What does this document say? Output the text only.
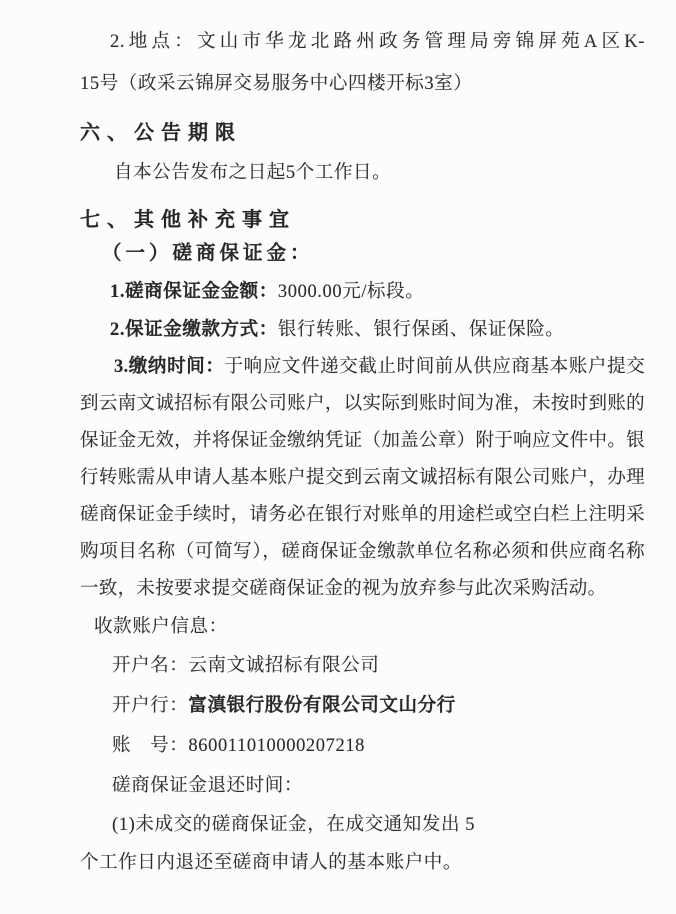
2.地点：文山市华龙北路州政务管理局旁锦屏苑A区K-

15号（政采云锦屏交易服务中心四楼开标3室）

六、公告期限

自本公告发布之日起5个工作日。

七、其他补充事宜

（一）磋商保证金：

1.磋商保证金金额：3000.00元/标段。

2.保证金缴款方式：银行转账、银行保函、保证保险。

3.缴纳时间：于响应文件递交截止时间前从供应商基本账户提交到云南文诚招标有限公司账户，以实际到账时间为准，未按时到账的保证金无效，并将保证金缴纳凭证（加盖公章）附于响应文件中。银行转账需从申请人基本账户提交到云南文诚招标有限公司账户，办理磋商保证金手续时，请务必在银行对账单的用途栏或空白栏上注明采购项目名称（可简写），磋商保证金缴款单位名称必须和供应商名称一致，未按要求提交磋商保证金的视为放弃参与此次采购活动。

收款账户信息：

开户名：云南文诚招标有限公司

开户行：富滇银行股份有限公司文山分行

账　号：860011010000207218

磋商保证金退还时间：

(1)未成交的磋商保证金，在成交通知发出 5

个工作日内退还至磋商申请人的基本账户中。
